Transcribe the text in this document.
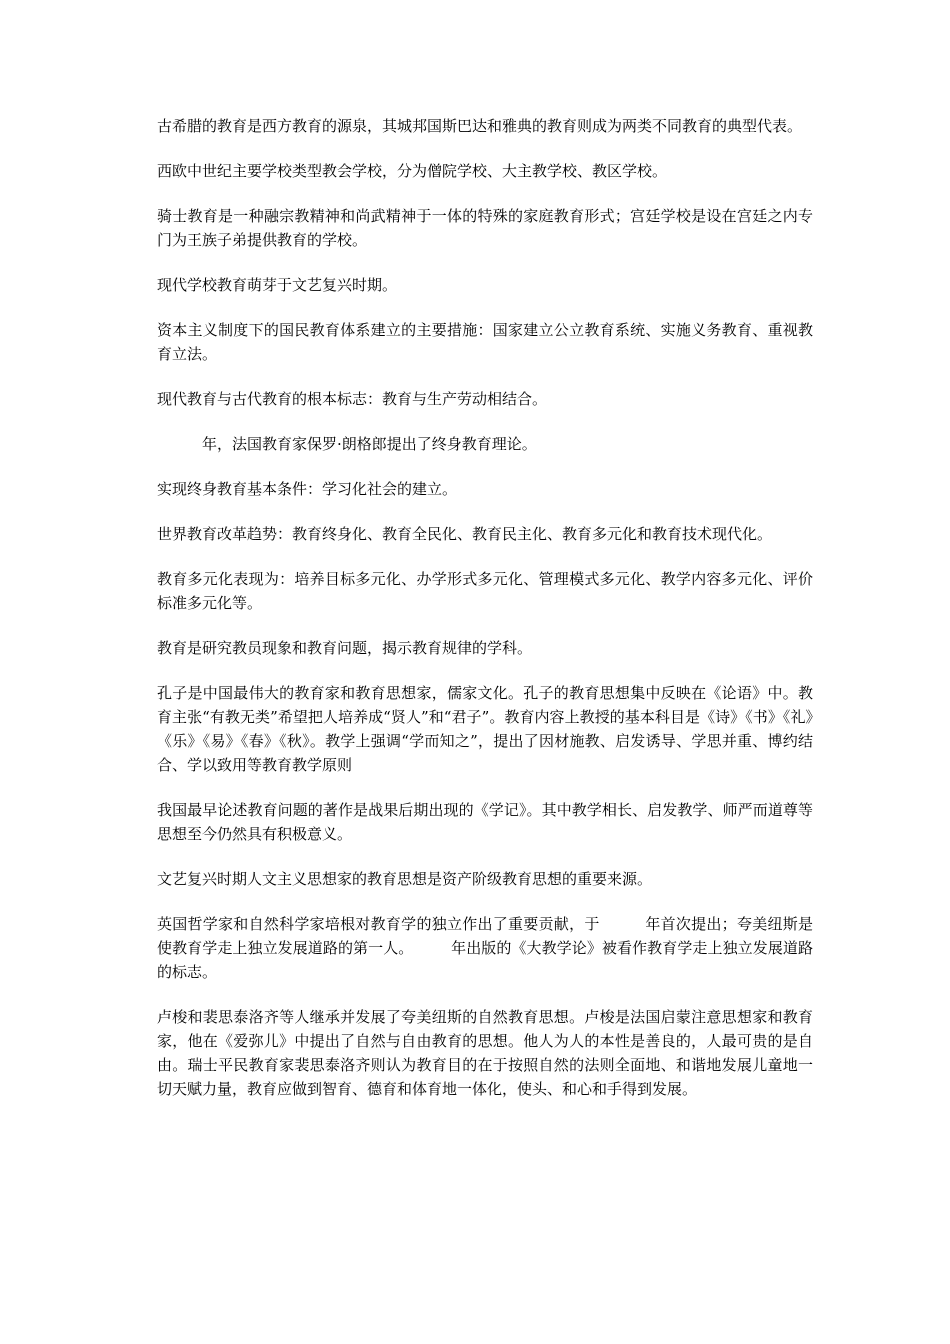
古希腊的教育是西方教育的源泉，其城邦国斯巴达和雅典的教育则成为两类不同教育的典型代表。

西欧中世纪主要学校类型教会学校，分为僧院学校、大主教学校、教区学校。

骑士教育是一种融宗教精神和尚武精神于一体的特殊的家庭教育形式；宫廷学校是设在宫廷之内专门为王族子弟提供教育的学校。

现代学校教育萌芽于文艺复兴时期。

资本主义制度下的国民教育体系建立的主要措施：国家建立公立教育系统、实施义务教育、重视教育立法。

现代教育与古代教育的根本标志：教育与生产劳动相结合。

　　　年，法国教育家保罗·朗格郎提出了终身教育理论。

实现终身教育基本条件：学习化社会的建立。

世界教育改革趋势：教育终身化、教育全民化、教育民主化、教育多元化和教育技术现代化。

教育多元化表现为：培养目标多元化、办学形式多元化、管理模式多元化、教学内容多元化、评价标准多元化等。

教育是研究教员现象和教育问题，揭示教育规律的学科。

孔子是中国最伟大的教育家和教育思想家，儒家文化。孔子的教育思想集中反映在《论语》中。教育主张“有教无类”希望把人培养成“贤人”和“君子”。教育内容上教授的基本科目是《诗》《书》《礼》《乐》《易》《春》《秋》。教学上强调“学而知之”，提出了因材施教、启发诱导、学思并重、博约结合、学以致用等教育教学原则

我国最早论述教育问题的著作是战果后期出现的《学记》。其中教学相长、启发教学、师严而道尊等思想至今仍然具有积极意义。

文艺复兴时期人文主义思想家的教育思想是资产阶级教育思想的重要来源。

英国哲学家和自然科学家培根对教育学的独立作出了重要贡献，于　　　年首次提出；夸美纽斯是使教育学走上独立发展道路的第一人。　　　年出版的《大教学论》被看作教育学走上独立发展道路的标志。

卢梭和裴思泰洛齐等人继承并发展了夸美纽斯的自然教育思想。卢梭是法国启蒙注意思想家和教育家，他在《爱弥儿》中提出了自然与自由教育的思想。他人为人的本性是善良的，人最可贵的是自由。瑞士平民教育家裴思泰洛齐则认为教育目的在于按照自然的法则全面地、和谐地发展儿童地一切天赋力量，教育应做到智育、德育和体育地一体化，使头、和心和手得到发展。
